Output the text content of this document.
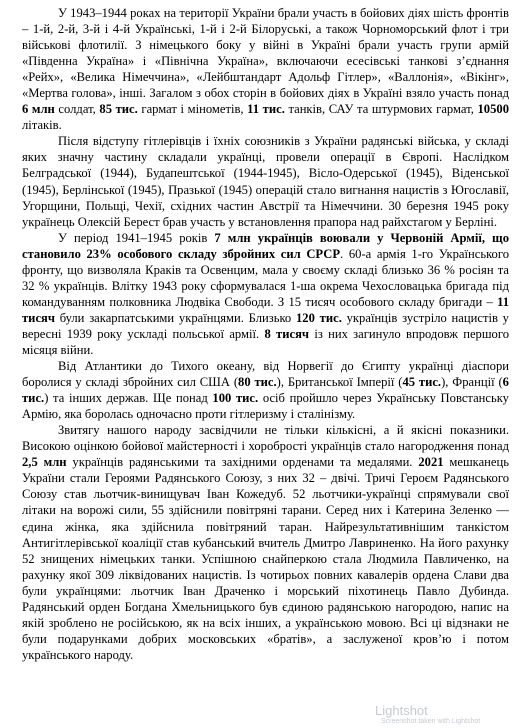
У 1943–1944 роках на території України брали участь в бойових діях шість фронтів – 1-й, 2-й, 3-й і 4-й Українські, 1-й і 2-й Білоруські, а також Чорноморський флот і три військові флотилії. З німецького боку у війні в Україні брали участь групи армій «Південна Україна» і «Північна Україна», включаючи есесівські танкові з’єднання «Рейх», «Велика Німеччина», «Лейбштандарт Адольф Гітлер», «Валлонія», «Вікінг», «Мертва голова», інші. Загалом з обох сторін в бойових діях в Україні взяло участь понад 6 млн солдат, 85 тис. гармат і мінометів, 11 тис. танків, САУ та штурмових гармат, 10500 літаків.

Після відступу гітлерівців і їхніх союзників з України радянські війська, у складі яких значну частину складали українці, провели операції в Європі. Наслідком Белградської (1944), Будапештської (1944-1945), Вісло-Одерської (1945), Віденської (1945), Берлінської (1945), Празької (1945) операцій стало вигнання нацистів з Югославії, Угорщини, Польщі, Чехії, східних частин Австрії та Німеччини. 30 березня 1945 року українець Олексій Берест брав участь у встановлення прапора над райхстагом у Берліні.

У період 1941–1945 років 7 млн українців воювали у Червоній Армії, що становило 23% особового складу збройних сил СРСР. 60-а армія 1-го Українського фронту, що визволяла Краків та Освенцим, мала у своєму складі близько 36 % росіян та 32 % українців. Влітку 1943 року сформувалася 1-ша окрема Чехословацька бригада під командуванням полковника Людвіка Свободи. З 15 тисяч особового складу бригади – 11 тисяч були закарпатськими українцями. Близько 120 тис. українців зустріло нацистів у вересні 1939 року ускладі польської армії. 8 тисяч із них загинуло впродовж першого місяця війни.

Від Атлантики до Тихого океану, від Норвегії до Єгипту українці діаспори боролися у складі збройних сил США (80 тис.), Британської Імперії (45 тис.), Франції (6 тис.) та інших держав. Ще понад 100 тис. осіб пройшло через Українську Повстанську Армію, яка боролась одночасно проти гітлеризму і сталінізму.

Звитягу нашого народу засвідчили не тільки кількісні, а й якісні показники. Високою оцінкою бойової майстерності і хоробрості українців стало нагородження понад 2,5 млн українців радянськими та західними орденами та медалями. 2021 мешканець України стали Героями Радянського Союзу, з них 32 – двічі. Тричі Героєм Радянського Союзу став льотчик-винищувач Іван Кожедуб. 52 льотчики-українці спрямували свої літаки на ворожі сили, 55 здійснили повітряні тарани. Серед них і Катерина Зеленко — єдина жінка, яка здійснила повітряний таран. Найрезультативнішим танкістом Антигітлерівської коаліції став кубанський вчитель Дмитро Лавриненко. На його рахунку 52 знищених німецьких танки. Успішною снайперкою стала Людмила Павличенко, на рахунку якої 309 ліквідованих нацистів. Із чотирьох повних кавалерів ордена Слави два були українцями: льотчик Іван Драченко і морський піхотинець Павло Дубинда. Радянський орден Богдана Хмельницького був єдиною радянською нагородою, напис на якій зроблено не російською, як на всіх інших, а українською мовою. Всі ці відзнаки не були подарунками добрих московських «братів», а заслуженої кров’ю і потом українського народу.

Lightshot
Screenshot taken with Lightshot
